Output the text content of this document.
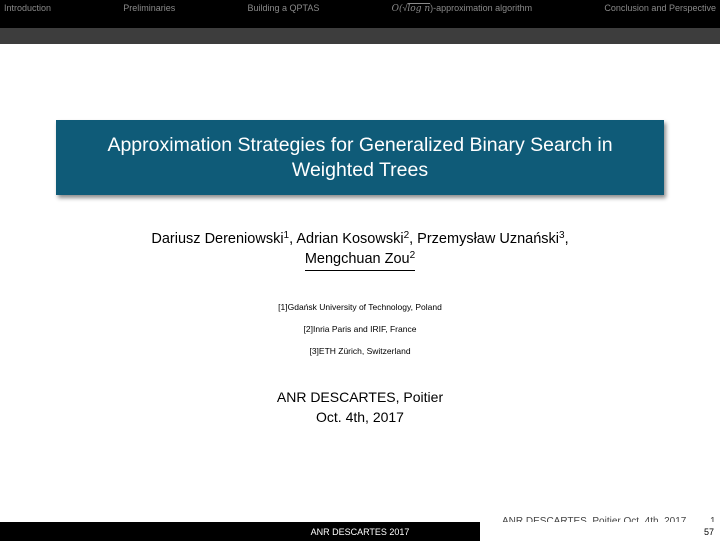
Introduction	Preliminaries	Building a QPTAS	O(√log n)-approximation algorithm	Conclusion and Perspective
Approximation Strategies for Generalized Binary Search in Weighted Trees
Dariusz Dereniowski$^1$, Adrian Kosowski$^2$, Przemysław Uznański$^3$,
Mengchuan Zou$^2$
[1]Gdańsk University of Technology, Poland
[2]Inria Paris and IRIF, France
[3]ETH Zürich, Switzerland
ANR DESCARTES, Poitier
Oct. 4th, 2017
ANR DESCARTES 2017	57
